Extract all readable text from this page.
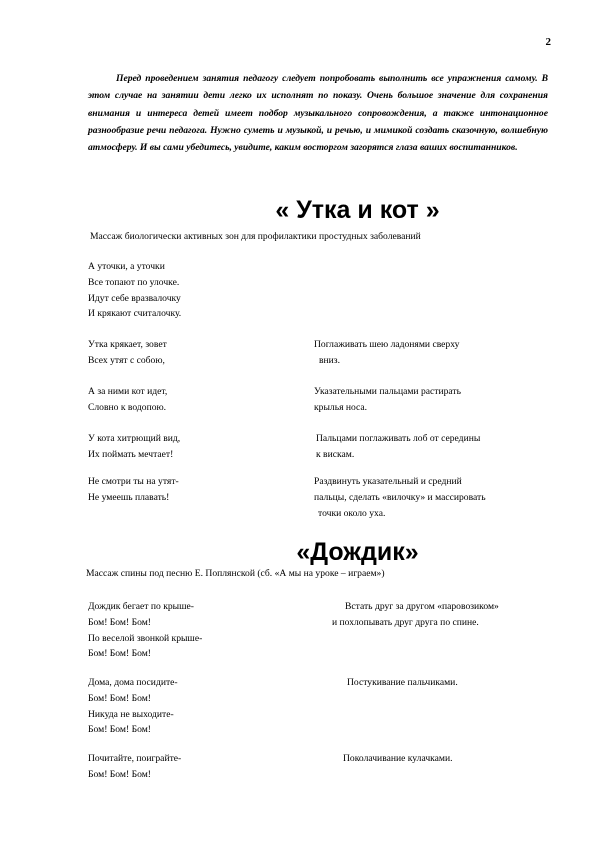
2
Перед проведением занятия педагогу следует попробовать выполнить все упражнения самому. В этом случае на занятии дети легко их исполнят по показу. Очень большое значение для сохранения внимания и интереса детей имеет подбор музыкального сопровождения, а также интонационное разнообразие речи педагога. Нужно суметь и музыкой, и речью, и мимикой создать сказочную, волшебную атмосферу. И вы сами убедитесь, увидите, каким восторгом загорятся глаза ваших воспитанников.
« Утка и кот »
Массаж биологически активных зон для профилактики простудных заболеваний
А уточки, а уточки
Все топают по улочке.
Идут себе вразвалочку
И крякают считалочку.
Утка крякает, зовет
Всех утят с собою,
Поглаживать шею ладонями сверху
вниз.
А за ними кот идет,
Словно к водопою.
Указательными пальцами растирать
крылья носа.
У кота хитрющий вид,
Их поймать мечтает!
Пальцами поглаживать лоб от середины
к вискам.
Не смотри ты на утят-
Не умеешь плавать!
Раздвинуть указательный и средний
пальцы, сделать «вилочку» и массировать
точки около уха.
«Дождик»
Массаж спины под песню Е. Поплянской (сб. «А мы на уроке – играем»)
Дождик бегает по крыше-
Бом! Бом! Бом!
По веселой звонкой крыше-
Бом! Бом! Бом!
Встать друг за другом «паровозиком»
и похлопывать друг друга по спине.
Дома, дома посидите-
Бом! Бом! Бом!
Никуда не выходите-
Бом! Бом! Бом!
Постукивание пальчиками.
Почитайте, поиграйте-
Бом! Бом! Бом!
Поколачивание кулачками.
